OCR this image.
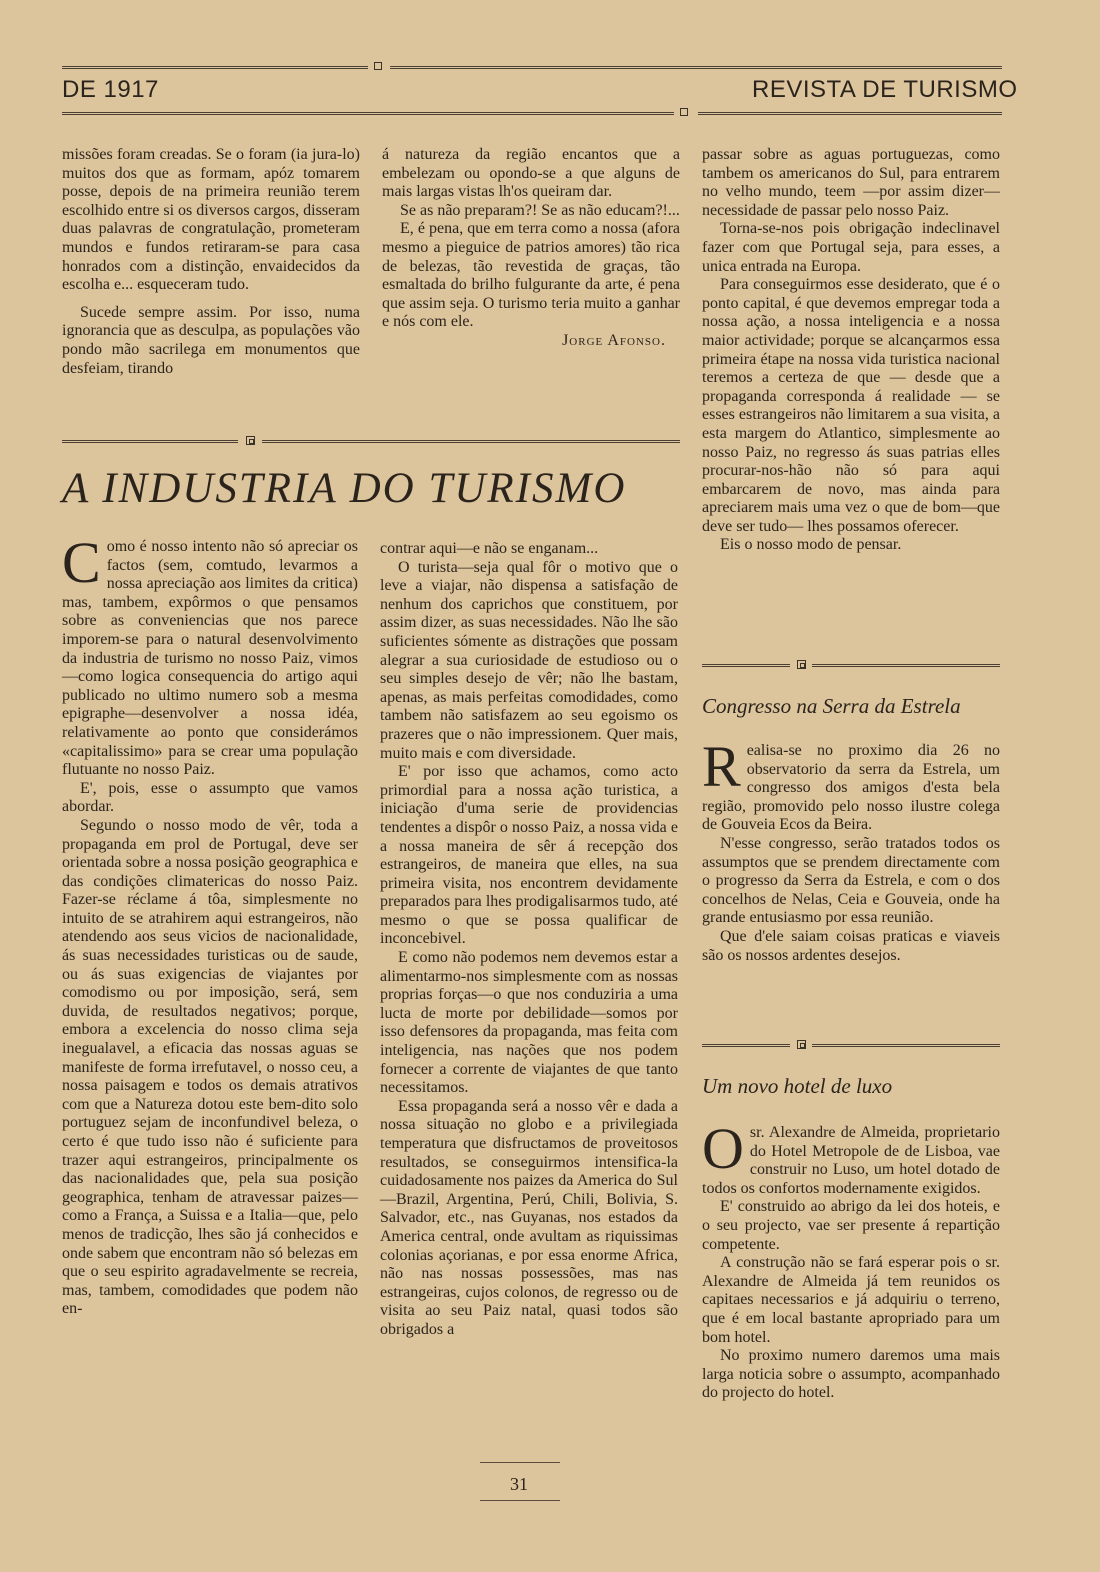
DE 1917	REVISTA DE TURISMO

missões foram creadas. Se o foram (ia jura-lo) muitos dos que as formam, apóz tomarem posse, depois de na primeira reunião terem escolhido entre si os diversos cargos, disseram duas palavras de congratulação, prometeram mundos e fundos retiraram-se para casa honrados com a distinção, envaidecidos da escolha e... esqueceram tudo.

Sucede sempre assim. Por isso, numa ignorancia que as desculpa, as populações vão pondo mão sacrilega em monumentos que desfeiam, tirando

á natureza da região encantos que a embelezam ou opondo-se a que alguns de mais largas vistas lh'os queiram dar.

Se as não preparam?! Se as não educam?!...

E, é pena, que em terra como a nossa (afora mesmo a pieguice de patrios amores) tão rica de belezas, tão revestida de graças, tão esmaltada do brilho fulgurante da arte, é pena que assim seja. O turismo teria muito a ganhar e nós com ele.

Jorge Afonso.

A INDUSTRIA DO TURISMO

Como é nosso intento não só apreciar os factos (sem, comtudo, levarmos a nossa apreciação aos limites da critica) mas, tambem, expôrmos o que pensamos sobre as conveniencias que nos parece imporem-se para o natural desenvolvimento da industria de turismo no nosso Paiz, vimos—como logica consequencia do artigo aqui publicado no ultimo numero sob a mesma epigraphe—desenvolver a nossa idéa, relativamente ao ponto que considerámos «capitalissimo» para se crear uma população flutuante no nosso Paiz.

E', pois, esse o assumpto que vamos abordar.

Segundo o nosso modo de vêr, toda a propaganda em prol de Portugal, deve ser orientada sobre a nossa posição geographica e das condições climatericas do nosso Paiz. Fazer-se réclame á tôa, simplesmente no intuito de se atrahirem aqui estrangeiros, não atendendo aos seus vicios de nacionalidade, ás suas necessidades turisticas ou de saude, ou ás suas exigencias de viajantes por comodismo ou por imposição, será, sem duvida, de resultados negativos; porque, embora a excelencia do nosso clima seja inegualavel, a eficacia das nossas aguas se manifeste de forma irrefutavel, o nosso ceu, a nossa paisagem e todos os demais atrativos com que a Natureza dotou este bem-dito solo portuguez sejam de inconfundivel beleza, o certo é que tudo isso não é suficiente para trazer aqui estrangeiros, principalmente os das nacionalidades que, pela sua posição geographica, tenham de atravessar paizes—como a França, a Suissa e a Italia—que, pelo menos de tradicção, lhes são já conhecidos e onde sabem que encontram não só belezas em que o seu espirito agradavelmente se recreia, mas, tambem, comodidades que podem não en-

contrar aqui—e não se enganam...

O turista—seja qual fôr o motivo que o leve a viajar, não dispensa a satisfação de nenhum dos caprichos que constituem, por assim dizer, as suas necessidades. Não lhe são suficientes sómente as distrações que possam alegrar a sua curiosidade de estudioso ou o seu simples desejo de vêr; não lhe bastam, apenas, as mais perfeitas comodidades, como tambem não satisfazem ao seu egoismo os prazeres que o não impressionem. Quer mais, muito mais e com diversidade.

E' por isso que achamos, como acto primordial para a nossa ação turistica, a iniciação d'uma serie de providencias tendentes a dispôr o nosso Paiz, a nossa vida e a nossa maneira de sêr á recepção dos estrangeiros, de maneira que elles, na sua primeira visita, nos encontrem devidamente preparados para lhes prodigalisarmos tudo, até mesmo o que se possa qualificar de inconcebivel.

E como não podemos nem devemos estar a alimentarmo-nos simplesmente com as nossas proprias forças—o que nos conduziria a uma lucta de morte por debilidade—somos por isso defensores da propaganda, mas feita com inteligencia, nas nações que nos podem fornecer a corrente de viajantes de que tanto necessitamos.

Essa propaganda será a nosso vêr e dada a nossa situação no globo e a privilegiada temperatura que disfructamos de proveitosos resultados, se conseguirmos intensifica-la cuidadosamente nos paizes da America do Sul—Brazil, Argentina, Perú, Chili, Bolivia, S. Salvador, etc., nas Guyanas, nos estados da America central, onde avultam as riquissimas colonias açorianas, e por essa enorme Africa, não nas nossas possessões, mas nas estrangeiras, cujos colonos, de regresso ou de visita ao seu Paiz natal, quasi todos são obrigados a

passar sobre as aguas portuguezas, como tambem os americanos do Sul, para entrarem no velho mundo, teem —por assim dizer—necessidade de passar pelo nosso Paiz.

Torna-se-nos pois obrigação indeclinavel fazer com que Portugal seja, para esses, a unica entrada na Europa.

Para conseguirmos esse desiderato, que é o ponto capital, é que devemos empregar toda a nossa ação, a nossa inteligencia e a nossa maior actividade; porque se alcançarmos essa primeira étape na nossa vida turistica nacional teremos a certeza de que — desde que a propaganda corresponda á realidade — se esses estrangeiros não limitarem a sua visita, a esta margem do Atlantico, simplesmente ao nosso Paiz, no regresso ás suas patrias elles procurar-nos-hão não só para aqui embarcarem de novo, mas ainda para apreciarem mais uma vez o que de bom—que deve ser tudo— lhes possamos oferecer.

Eis o nosso modo de pensar.

Congresso na Serra da Estrela

Realisa-se no proximo dia 26 no observatorio da serra da Estrela, um congresso dos amigos d'esta bela região, promovido pelo nosso ilustre colega de Gouveia Ecos da Beira.

N'esse congresso, serão tratados todos os assumptos que se prendem directamente com o progresso da Serra da Estrela, e com o dos concelhos de Nelas, Ceia e Gouveia, onde ha grande entusiasmo por essa reunião.

Que d'ele saiam coisas praticas e viaveis são os nossos ardentes desejos.

Um novo hotel de luxo

Osr. Alexandre de Almeida, proprietario do Hotel Metropole de de Lisboa, vae construir no Luso, um hotel dotado de todos os confortos modernamente exigidos.

E' construido ao abrigo da lei dos hoteis, e o seu projecto, vae ser presente á repartição competente.

A construção não se fará esperar pois o sr. Alexandre de Almeida já tem reunidos os capitaes necessarios e já adquiriu o terreno, que é em local bastante apropriado para um bom hotel.

No proximo numero daremos uma mais larga noticia sobre o assumpto, acompanhado do projecto do hotel.

31
